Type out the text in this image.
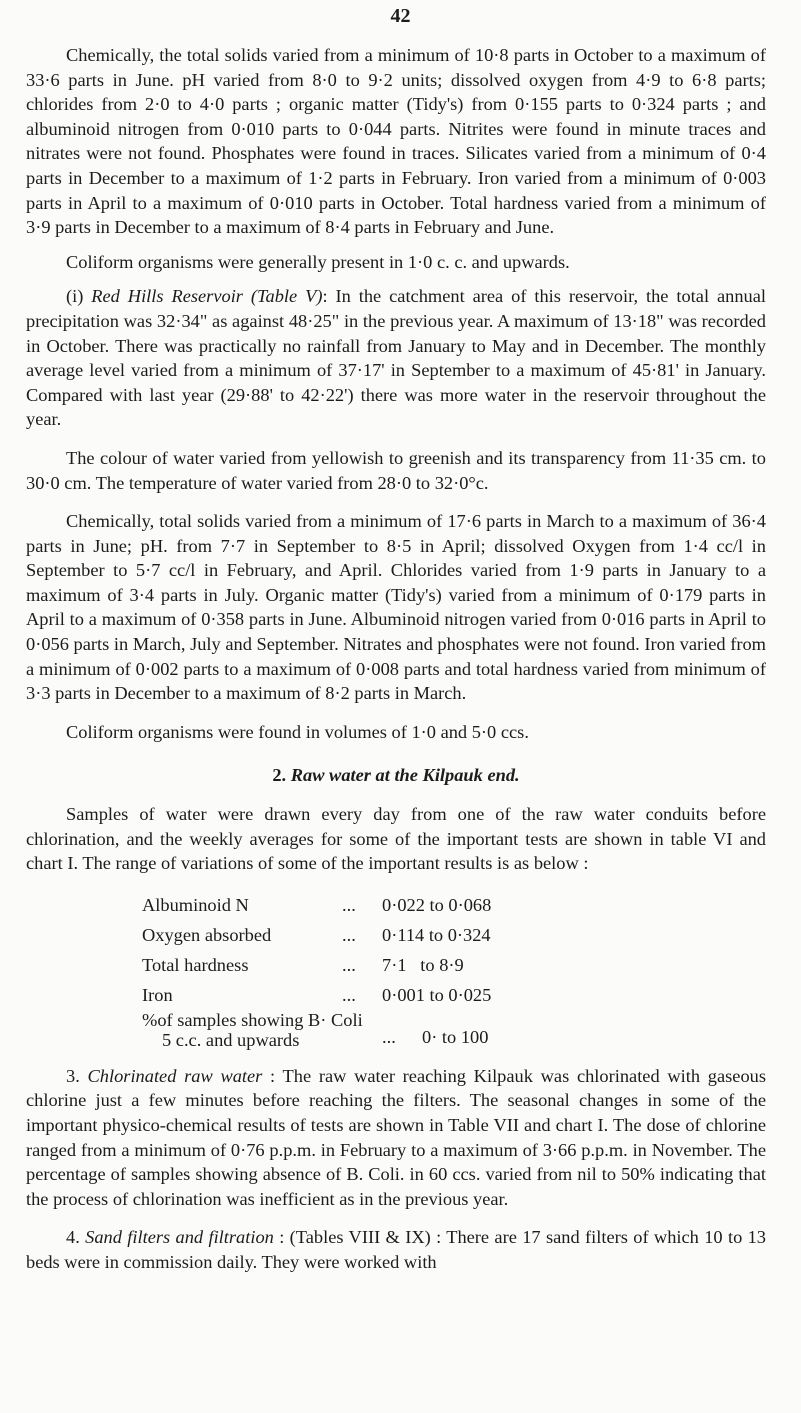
42

Chemically, the total solids varied from a minimum of 10·8 parts in October to a maximum of 33·6 parts in June. pH varied from 8·0 to 9·2 units; dissolved oxygen from 4·9 to 6·8 parts; chlorides from 2·0 to 4·0 parts ; organic matter (Tidy's) from 0·155 parts to 0·324 parts ; and albuminoid nitrogen from 0·010 parts to 0·044 parts. Nitrites were found in minute traces and nitrates were not found. Phosphates were found in traces. Silicates varied from a minimum of 0·4 parts in December to a maximum of 1·2 parts in February. Iron varied from a minimum of 0·003 parts in April to a maximum of 0·010 parts in October. Total hardness varied from a minimum of 3·9 parts in December to a maximum of 8·4 parts in February and June.

Coliform organisms were generally present in 1·0 c. c. and upwards.

(i) Red Hills Reservoir (Table V): In the catchment area of this reservoir, the total annual precipitation was 32·34" as against 48·25" in the previous year. A maximum of 13·18" was recorded in October. There was practically no rainfall from January to May and in December. The monthly average level varied from a minimum of 37·17' in September to a maximum of 45·81' in January. Compared with last year (29·88' to 42·22') there was more water in the reservoir throughout the year.

The colour of water varied from yellowish to greenish and its transparency from 11·35 cm. to 30·0 cm. The temperature of water varied from 28·0 to 32·0°c.

Chemically, total solids varied from a minimum of 17·6 parts in March to a maximum of 36·4 parts in June; pH. from 7·7 in September to 8·5 in April; dissolved Oxygen from 1·4 cc/l in September to 5·7 cc/l in February, and April. Chlorides varied from 1·9 parts in January to a maximum of 3·4 parts in July. Organic matter (Tidy's) varied from a minimum of 0·179 parts in April to a maximum of 0·358 parts in June. Albuminoid nitrogen varied from 0·016 parts in April to 0·056 parts in March, July and September. Nitrates and phosphates were not found. Iron varied from a minimum of 0·002 parts to a maximum of 0·008 parts and total hardness varied from minimum of 3·3 parts in December to a maximum of 8·2 parts in March.

Coliform organisms were found in volumes of 1·0 and 5·0 ccs.

2. Raw water at the Kilpauk end.

Samples of water were drawn every day from one of the raw water conduits before chlorination, and the weekly averages for some of the important tests are shown in table VI and chart I. The range of variations of some of the important results is as below :

Albuminoid N	...	0·022 to 0·068
Oxygen absorbed	...	0·114 to 0·324
Total hardness	...	7·1   to 8·9
Iron	...	0·001 to 0·025
%of samples showing B· Coli
5 c.c. and upwards	...	0· to 100

3. Chlorinated raw water : The raw water reaching Kilpauk was chlorinated with gaseous chlorine just a few minutes before reaching the filters. The seasonal changes in some of the important physico-chemical results of tests are shown in Table VII and chart I. The dose of chlorine ranged from a minimum of 0·76 p.p.m. in February to a maximum of 3·66 p.p.m. in November. The percentage of samples showing absence of B. Coli. in 60 ccs. varied from nil to 50% indicating that the process of chlorination was inefficient as in the previous year.

4. Sand filters and filtration : (Tables VIII & IX) : There are 17 sand filters of which 10 to 13 beds were in commission daily. They were worked with
